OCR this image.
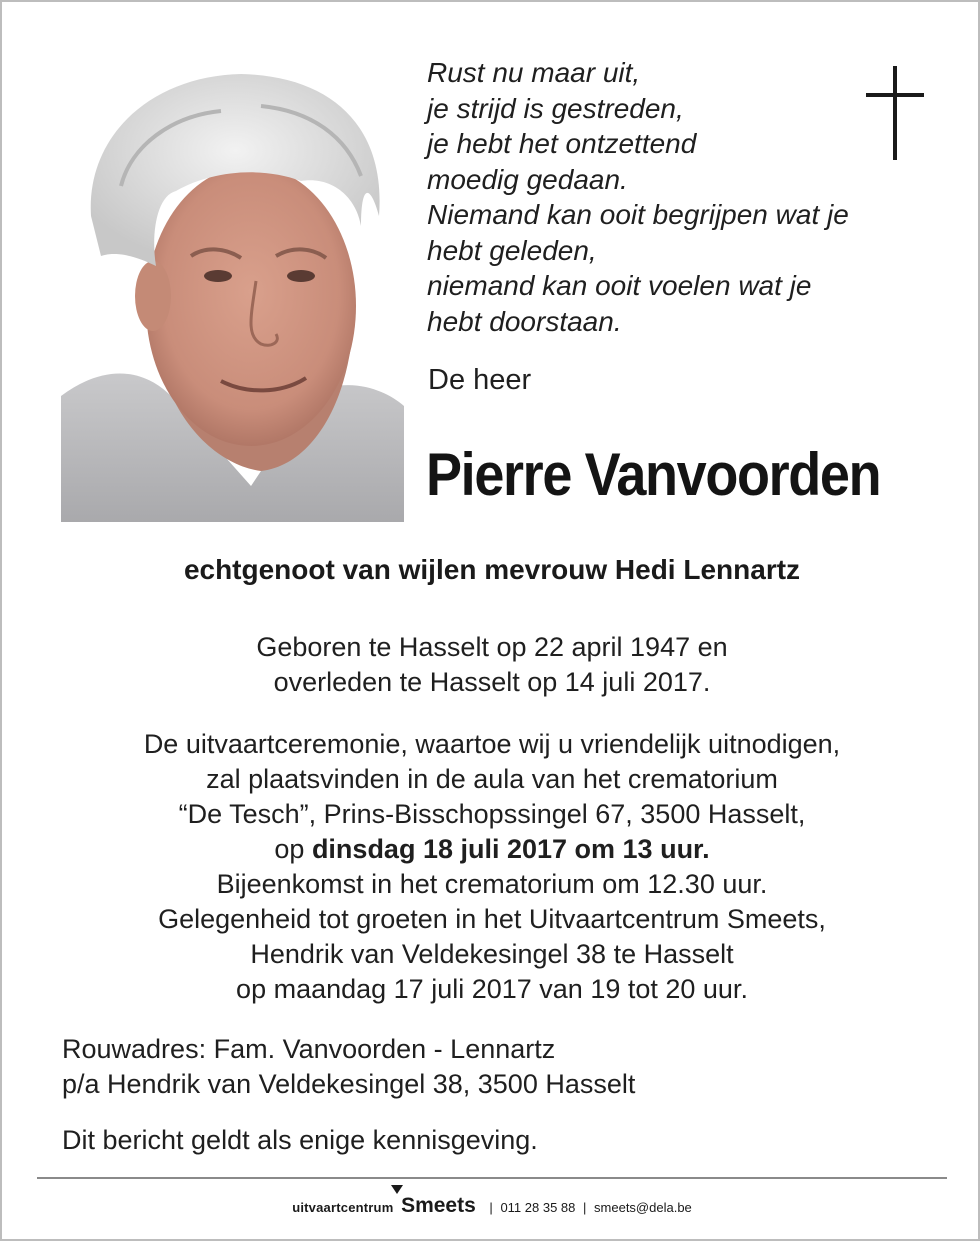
Rust nu maar uit,
je strijd is gestreden,
je hebt het ontzettend
moedig gedaan.
Niemand kan ooit begrijpen wat je
hebt geleden,
niemand kan ooit voelen wat je
hebt doorstaan.
De heer
Pierre Vanvoorden
echtgenoot van wijlen mevrouw Hedi Lennartz
Geboren te Hasselt op 22 april 1947 en
overleden te Hasselt op 14 juli 2017.
De uitvaartceremonie, waartoe wij u vriendelijk uitnodigen,
zal plaatsvinden in de aula van het crematorium
“De Tesch”, Prins-Bisschopssingel 67, 3500 Hasselt,
op dinsdag 18 juli 2017 om 13 uur.
Bijeenkomst in het crematorium om 12.30 uur.
Gelegenheid tot groeten in het Uitvaartcentrum Smeets,
Hendrik van Veldekesingel 38 te Hasselt
op maandag 17 juli 2017 van 19 tot 20 uur.
Rouwadres: Fam. Vanvoorden - Lennartz
p/a Hendrik van Veldekesingel 38, 3500 Hasselt
Dit bericht geldt als enige kennisgeving.
uitvaartcentrum Smeets | 011 28 35 88 | smeets@dela.be
